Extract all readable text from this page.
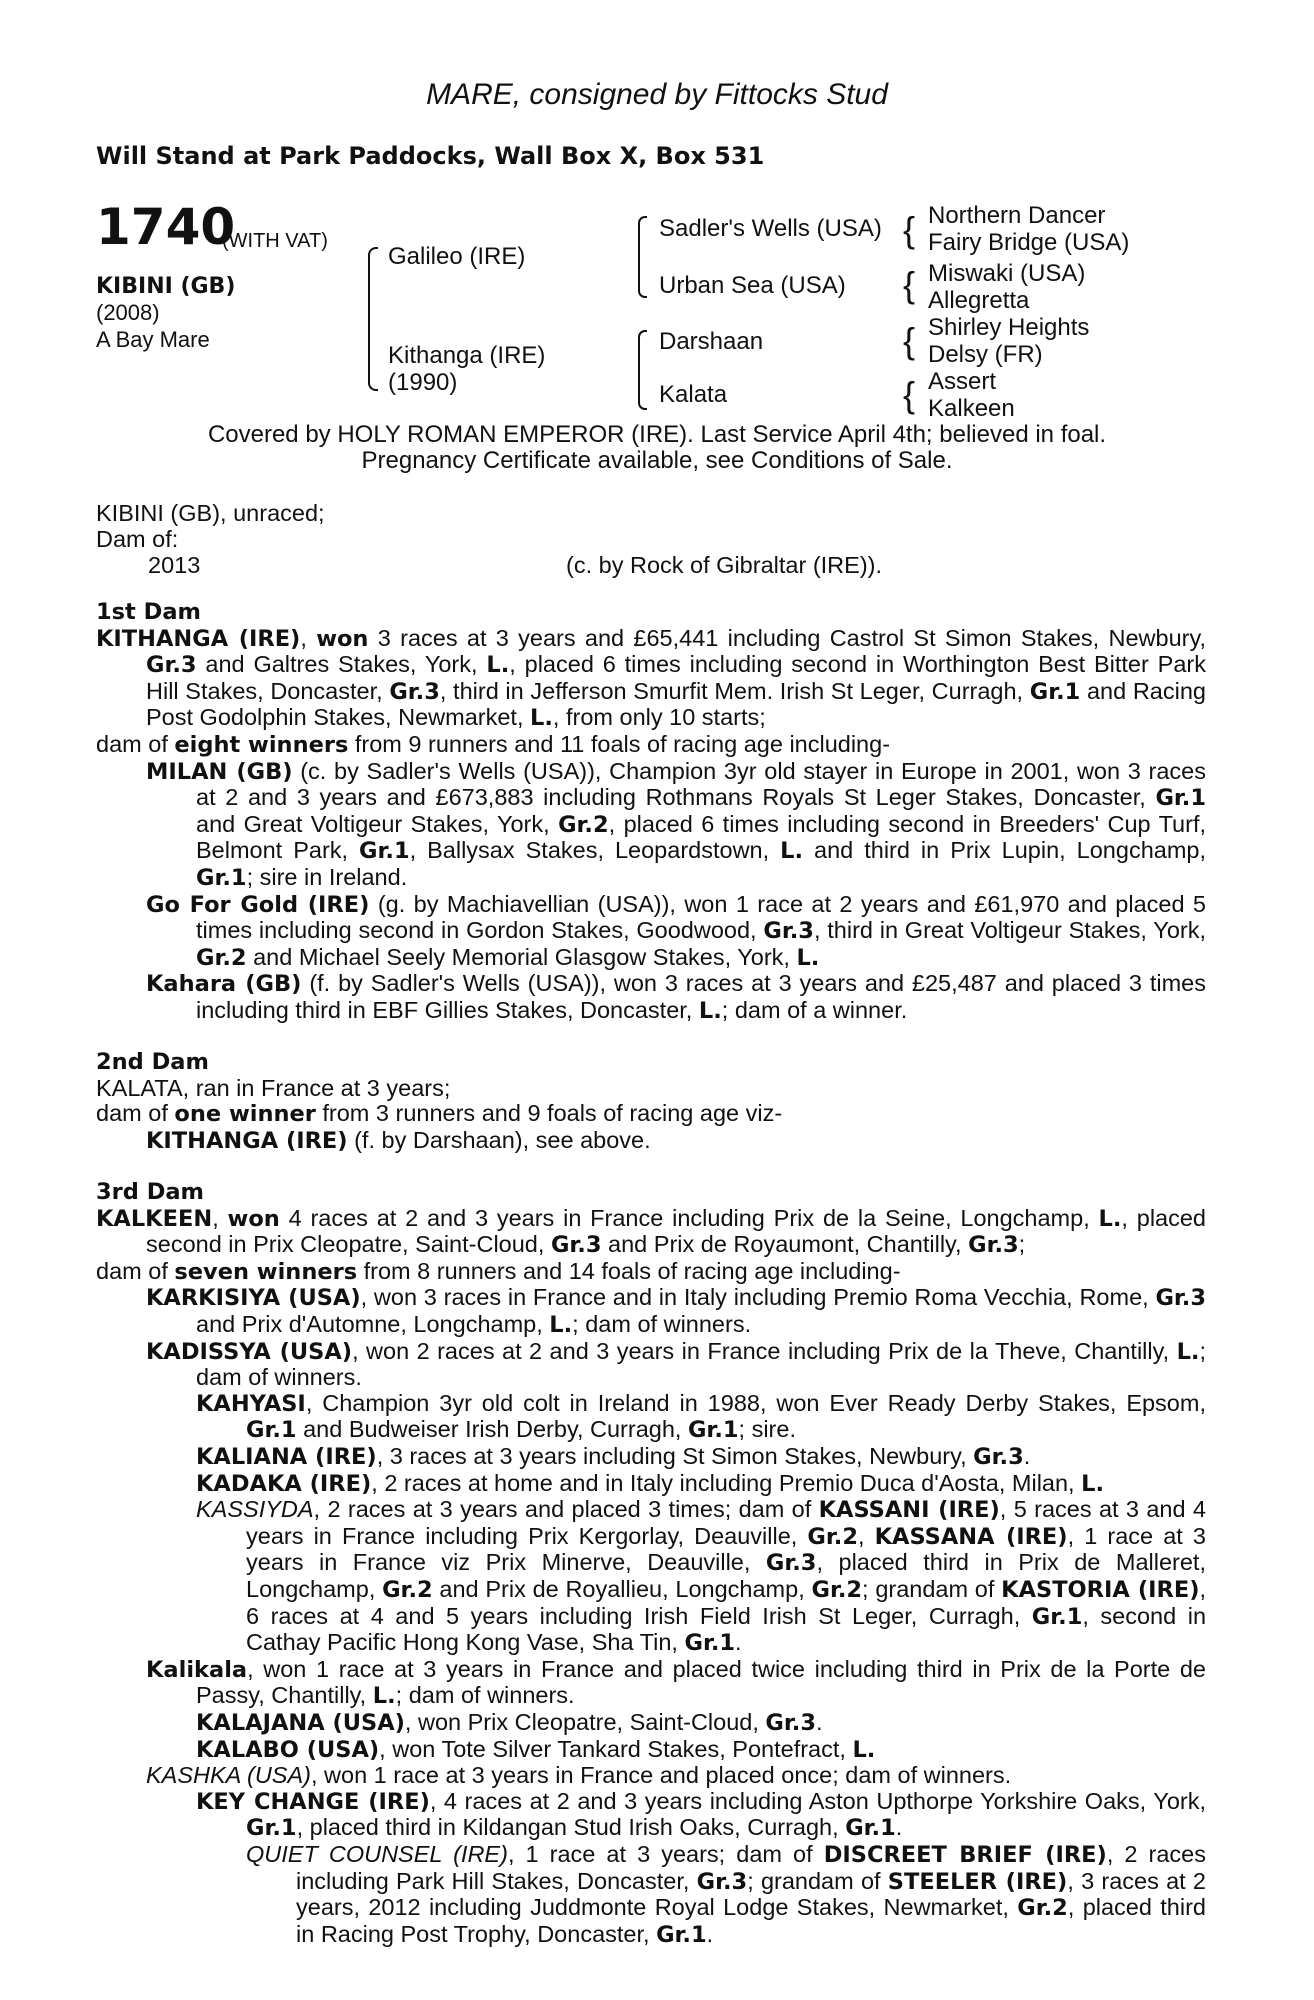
MARE, consigned by Fittocks Stud
Will Stand at Park Paddocks, Wall Box X, Box 531
1740
(WITH VAT)
KIBINI (GB)
(2008)
A Bay Mare
Galileo (IRE)
Kithanga (IRE)
(1990)
Sadler's Wells (USA)
Urban Sea (USA)
Darshaan
Kalata
{
{
{
{
Northern Dancer
Fairy Bridge (USA)
Miswaki (USA)
Allegretta
Shirley Heights
Delsy (FR)
Assert
Kalkeen
Covered by HOLY ROMAN EMPEROR (IRE). Last Service April 4th; believed in foal.
Pregnancy Certificate available, see Conditions of Sale.
KIBINI (GB), unraced;
Dam of:
2013	(c. by Rock of Gibraltar (IRE)).

1st Dam

KITHANGA (IRE), won 3 races at 3 years and £65,441 including Castrol St Simon Stakes, Newbury, Gr.3 and Galtres Stakes, York, L., placed 6 times including second in Worthington Best Bitter Park Hill Stakes, Doncaster, Gr.3, third in Jefferson Smurfit Mem. Irish St Leger, Curragh, Gr.1 and Racing Post Godolphin Stakes, Newmarket, L., from only 10 starts;

dam of eight winners from 9 runners and 11 foals of racing age including-

MILAN (GB) (c. by Sadler's Wells (USA)), Champion 3yr old stayer in Europe in 2001, won 3 races at 2 and 3 years and £673,883 including Rothmans Royals St Leger Stakes, Doncaster, Gr.1 and Great Voltigeur Stakes, York, Gr.2, placed 6 times including second in Breeders' Cup Turf, Belmont Park, Gr.1, Ballysax Stakes, Leopardstown, L. and third in Prix Lupin, Longchamp, Gr.1; sire in Ireland.

Go For Gold (IRE) (g. by Machiavellian (USA)), won 1 race at 2 years and £61,970 and placed 5 times including second in Gordon Stakes, Goodwood, Gr.3, third in Great Voltigeur Stakes, York, Gr.2 and Michael Seely Memorial Glasgow Stakes, York, L.

Kahara (GB) (f. by Sadler's Wells (USA)), won 3 races at 3 years and £25,487 and placed 3 times including third in EBF Gillies Stakes, Doncaster, L.; dam of a winner.

2nd Dam

KALATA, ran in France at 3 years;

dam of one winner from 3 runners and 9 foals of racing age viz-

KITHANGA (IRE) (f. by Darshaan), see above.

3rd Dam

KALKEEN, won 4 races at 2 and 3 years in France including Prix de la Seine, Longchamp, L., placed second in Prix Cleopatre, Saint-Cloud, Gr.3 and Prix de Royaumont, Chantilly, Gr.3;

dam of seven winners from 8 runners and 14 foals of racing age including-

KARKISIYA (USA), won 3 races in France and in Italy including Premio Roma Vecchia, Rome, Gr.3 and Prix d'Automne, Longchamp, L.; dam of winners.

KADISSYA (USA), won 2 races at 2 and 3 years in France including Prix de la Theve, Chantilly, L.; dam of winners.

KAHYASI, Champion 3yr old colt in Ireland in 1988, won Ever Ready Derby Stakes, Epsom, Gr.1 and Budweiser Irish Derby, Curragh, Gr.1; sire.

KALIANA (IRE), 3 races at 3 years including St Simon Stakes, Newbury, Gr.3.

KADAKA (IRE), 2 races at home and in Italy including Premio Duca d'Aosta, Milan, L.

KASSIYDA, 2 races at 3 years and placed 3 times; dam of KASSANI (IRE), 5 races at 3 and 4 years in France including Prix Kergorlay, Deauville, Gr.2, KASSANA (IRE), 1 race at 3 years in France viz Prix Minerve, Deauville, Gr.3, placed third in Prix de Malleret, Longchamp, Gr.2 and Prix de Royallieu, Longchamp, Gr.2; grandam of KASTORIA (IRE), 6 races at 4 and 5 years including Irish Field Irish St Leger, Curragh, Gr.1, second in Cathay Pacific Hong Kong Vase, Sha Tin, Gr.1.

Kalikala, won 1 race at 3 years in France and placed twice including third in Prix de la Porte de Passy, Chantilly, L.; dam of winners.

KALAJANA (USA), won Prix Cleopatre, Saint-Cloud, Gr.3.

KALABO (USA), won Tote Silver Tankard Stakes, Pontefract, L.

KASHKA (USA), won 1 race at 3 years in France and placed once; dam of winners.

KEY CHANGE (IRE), 4 races at 2 and 3 years including Aston Upthorpe Yorkshire Oaks, York, Gr.1, placed third in Kildangan Stud Irish Oaks, Curragh, Gr.1.

QUIET COUNSEL (IRE), 1 race at 3 years; dam of DISCREET BRIEF (IRE), 2 races including Park Hill Stakes, Doncaster, Gr.3; grandam of STEELER (IRE), 3 races at 2 years, 2012 including Juddmonte Royal Lodge Stakes, Newmarket, Gr.2, placed third in Racing Post Trophy, Doncaster, Gr.1.
